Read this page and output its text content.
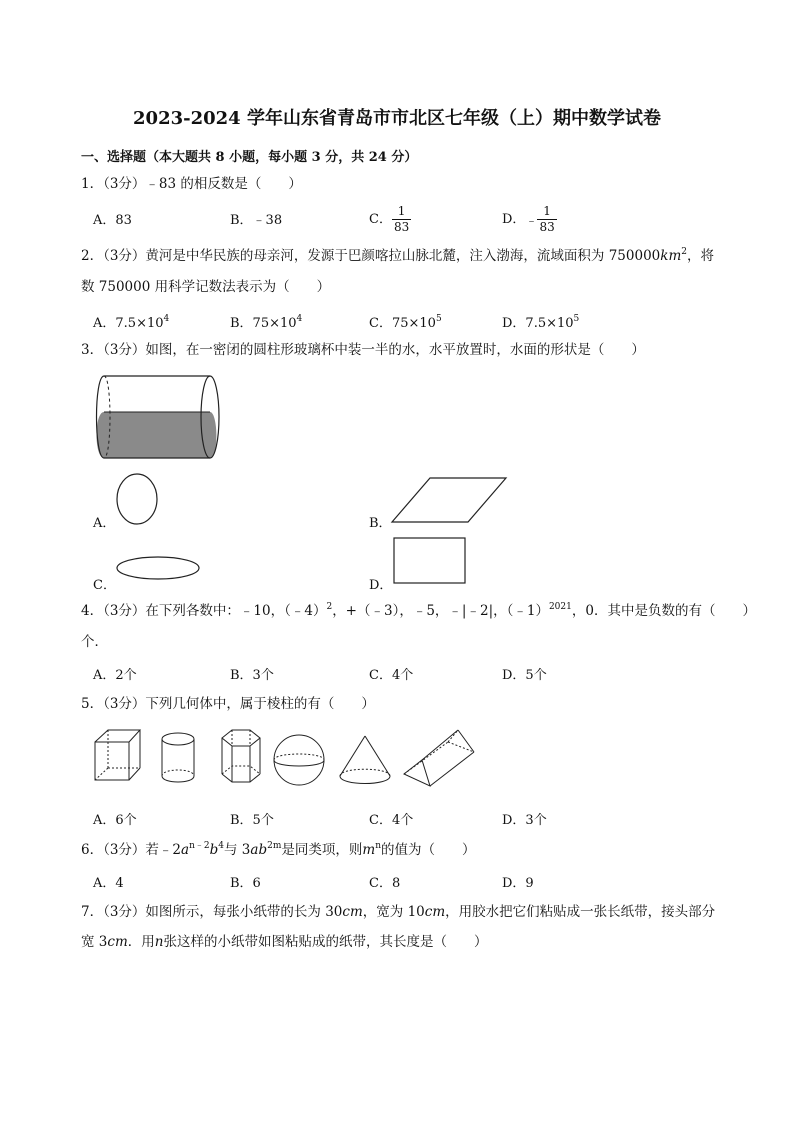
2023-2024 学年山东省青岛市市北区七年级（上）期中数学试卷
一、选择题（本大题共 8 小题，每小题 3 分，共 24 分）
1．（3分）﹣83 的相反数是（　　）
A．83	B．﹣38	C． $\frac{1}{83}$	D．﹣ $\frac{1}{83}$
2．（3分）黄河是中华民族的母亲河，发源于巴颜喀拉山脉北麓，注入渤海，流域面积为 $750000km^2$，将
数 750000 用科学记数法表示为（　　）
A．$7.5\times 10^4$	B．$75\times 10^4$	C．$75\times 10^5$	D．$7.5\times 10^5$
3．（3分）如图，在一密闭的圆柱形玻璃杯中装一半的水，水平放置时，水面的形状是（　　）
A．	B．
C．	D．
4．（3分）在下列各数中：﹣10，（﹣4）$^2$，+（﹣3），﹣5，﹣|﹣2|，（﹣1）$^{2021}$，0．其中是负数的有（　　）
个．
A．2个	B．3个	C．4个	D．5个
5．（3分）下列几何体中，属于棱柱的有（　　）
A．6个	B．5个	C．4个	D．3个
6．（3分）若$﹣2a^{n﹣2}b^4$与 $3ab^{2m}$是同类项，则$m^n$的值为（　　）
A．4	B．6	C．8	D．9
7．（3分）如图所示，每张小纸带的长为 30cm，宽为 10cm，用胶水把它们粘贴成一张长纸带，接头部分
宽 3cm．用n张这样的小纸带如图粘贴成的纸带，其长度是（　　）
